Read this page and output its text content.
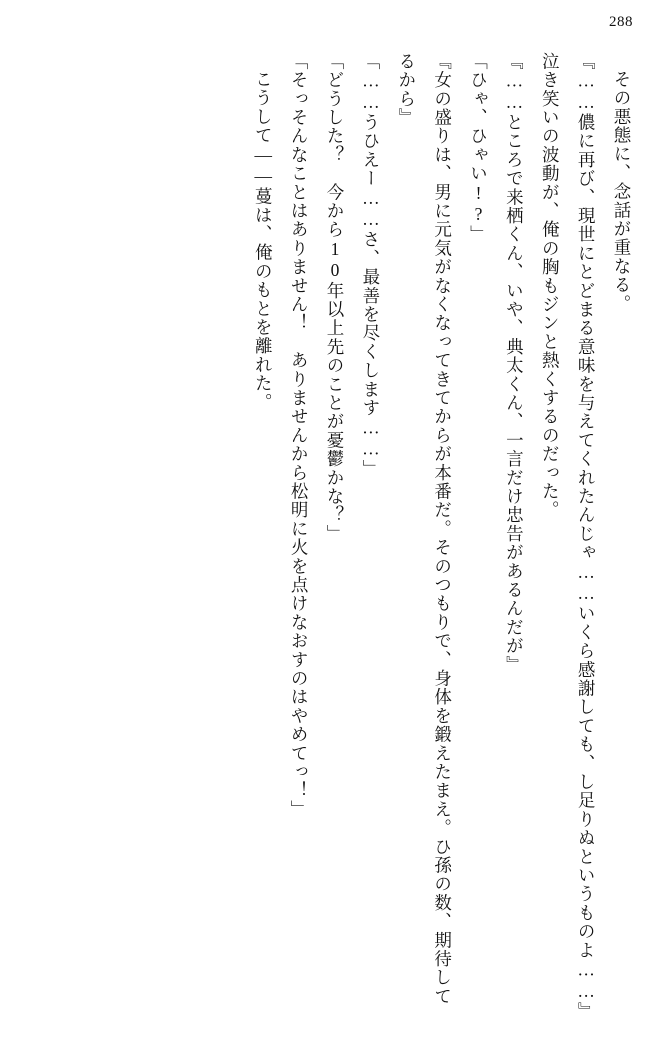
288

その悪態に、念話が重なる。

『……儂に再び、現世にとどまる意味を与えてくれたんじゃ……いくら感謝しても、し足りぬというものよ……』

泣き笑いの波動が、俺の胸もジンと熱くするのだった。

『……ところで来栖くん、いや、典太くん、一言だけ忠告があるんだが』

「ひゃ、ひゃい!?」

『女の盛りは、男に元気がなくなってきてからが本番だ。そのつもりで、身体を鍛えたまえ。ひ孫の数、期待してるから』

「……うひえー……さ、最善を尽くします……」

「どうした？　今から10年以上先のことが憂鬱かな？」

「そっそんなことはありません！　ありませんから松明に火を点けなおすのはやめてっ！」

こうして――蔓は、俺のもとを離れた。
